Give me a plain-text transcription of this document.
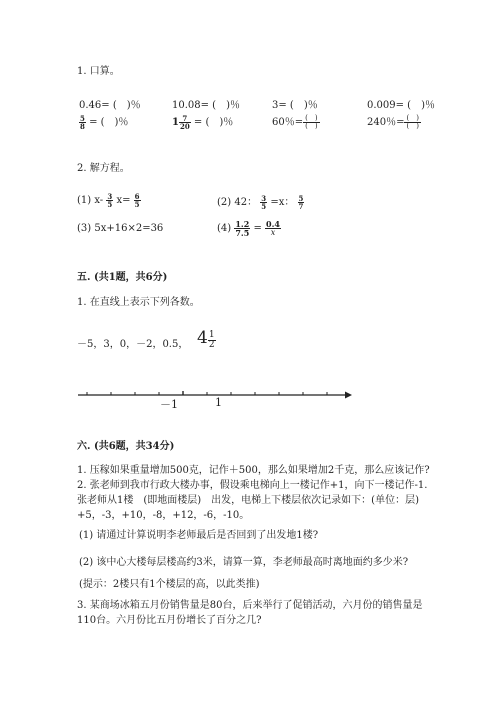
1. 口算。
0.46= (　)％	10.08= (　)％	3= (　)％	0.009= (　)％
$\frac{5}{8}$ = (　)％	$1 \frac{7}{20}$ = (　)％	60％= $\frac{( )}{( )}$	240％= $\frac{( )}{( )}$
2. 解方程。
(1) $x- \frac{3}{5} x= \frac{6}{5}$	(2) 42： $\frac{3}{5} =x$： $\frac{5}{7}$
(3) 5x+16×2=36	$(4) \frac{1.2}{7.5} = \frac{0.4}{x}$
五. (共1题，共6分)
1. 在直线上表示下列各数。
－5，3，0，－2，0.5， $4 \frac{1}{2}$
－1	1
六. (共6题，共34分)
1. 压稼如果重量增加500克，记作＋500，那么如果增加2千克，那么应该记作?
2. 张老师到我市行政大楼办事，假设乘电梯向上一楼记作+1，向下一楼记作-1. 张老师从1楼　(即地面楼层)　出发，电梯上下楼层依次记录如下：(单位：层) +5，-3，+10，-8，+12，-6，-10。
(1) 请通过计算说明李老师最后是否回到了出发地1楼?
(2) 该中心大楼每层楼高约3米，请算一算，李老师最高时离地面约多少米?
(提示：2楼只有1个楼层的高，以此类推)
3. 某商场冰箱五月份销售量是80台，后来举行了促销活动，六月份的销售量是110台。六月份比五月份增长了百分之几?
